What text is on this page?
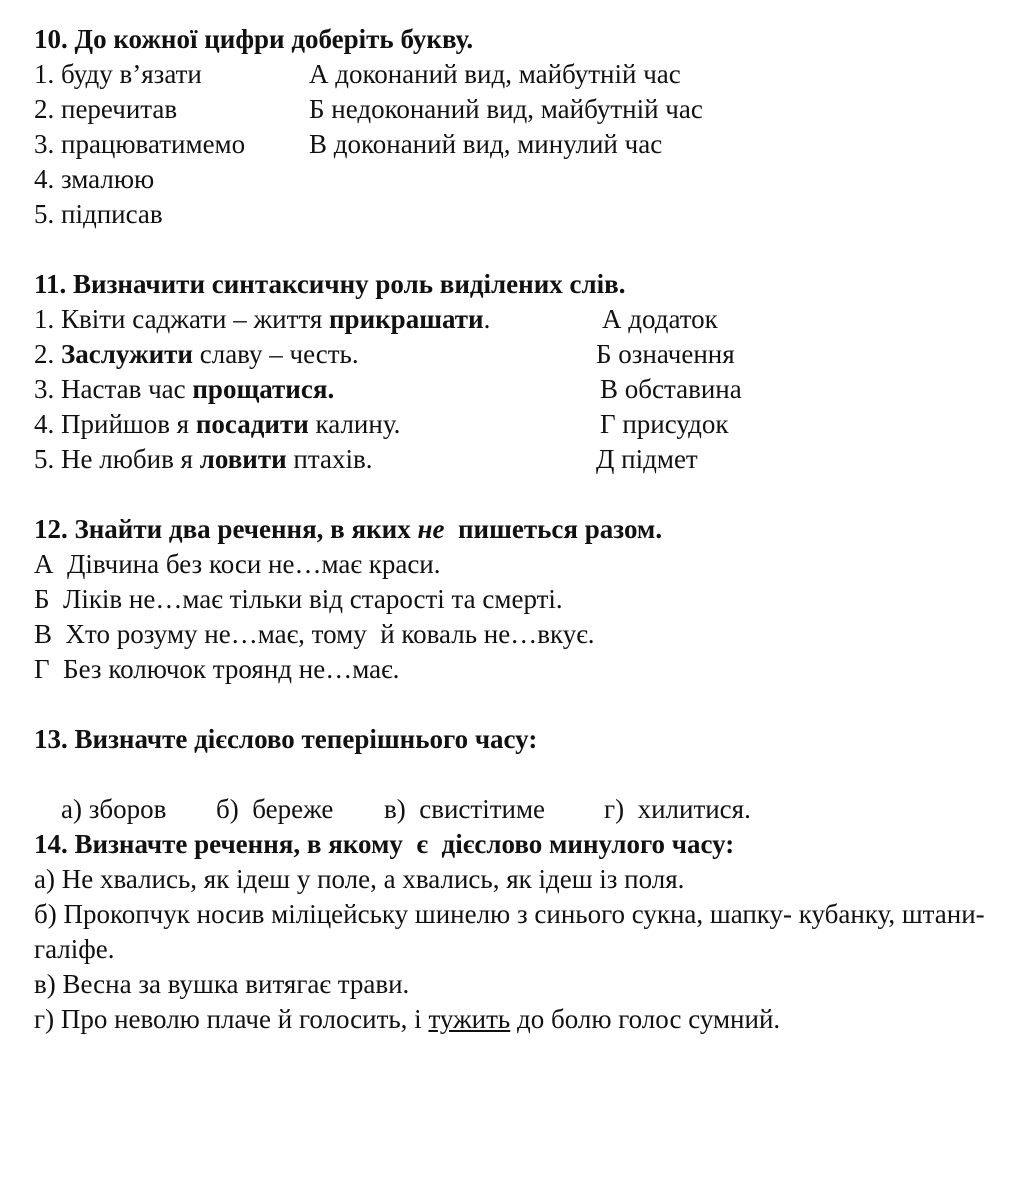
10. До кожної цифри доберіть букву.
1. буду в’язати	А доконаний вид, майбутній час
2. перечитав	Б недоконаний вид, майбутній час
3. працюватимемо В доконаний вид, минулий час
4. змалюю
5. підписав
11. Визначити синтаксичну роль виділених слів.
1. Квіти саджати – життя прикрашати.	А додаток
2. Заслужити славу – честь.	Б означення
3. Настав час прощатися.	В обставина
4. Прийшов я посадити калину.	Г присудок
5. Не любив я ловити птахів.	Д підмет
12. Знайти два речення, в яких не  пишеться разом.
А  Дівчина без коси не…має краси.
Б  Ліків не…має тільки від старості та смерті.
В  Хто розуму не…має, тому  й коваль не…вкує.
Г  Без колючок троянд не…має.
13. Визначте дієслово теперішнього часу:

а) зборов б)  береже в)  свистітиме г)  хилитися.

14. Визначте речення, в якому  є  дієслово минулого часу:
а) Не хвались, як ідеш у поле, а хвались, як ідеш із поля.
б) Прокопчук носив міліцейську шинелю з синього сукна, шапку- кубанку, штани-галіфе.
в) Весна за вушка витягає трави.
г) Про неволю плаче й голосить, і тужить до болю голос сумний.
